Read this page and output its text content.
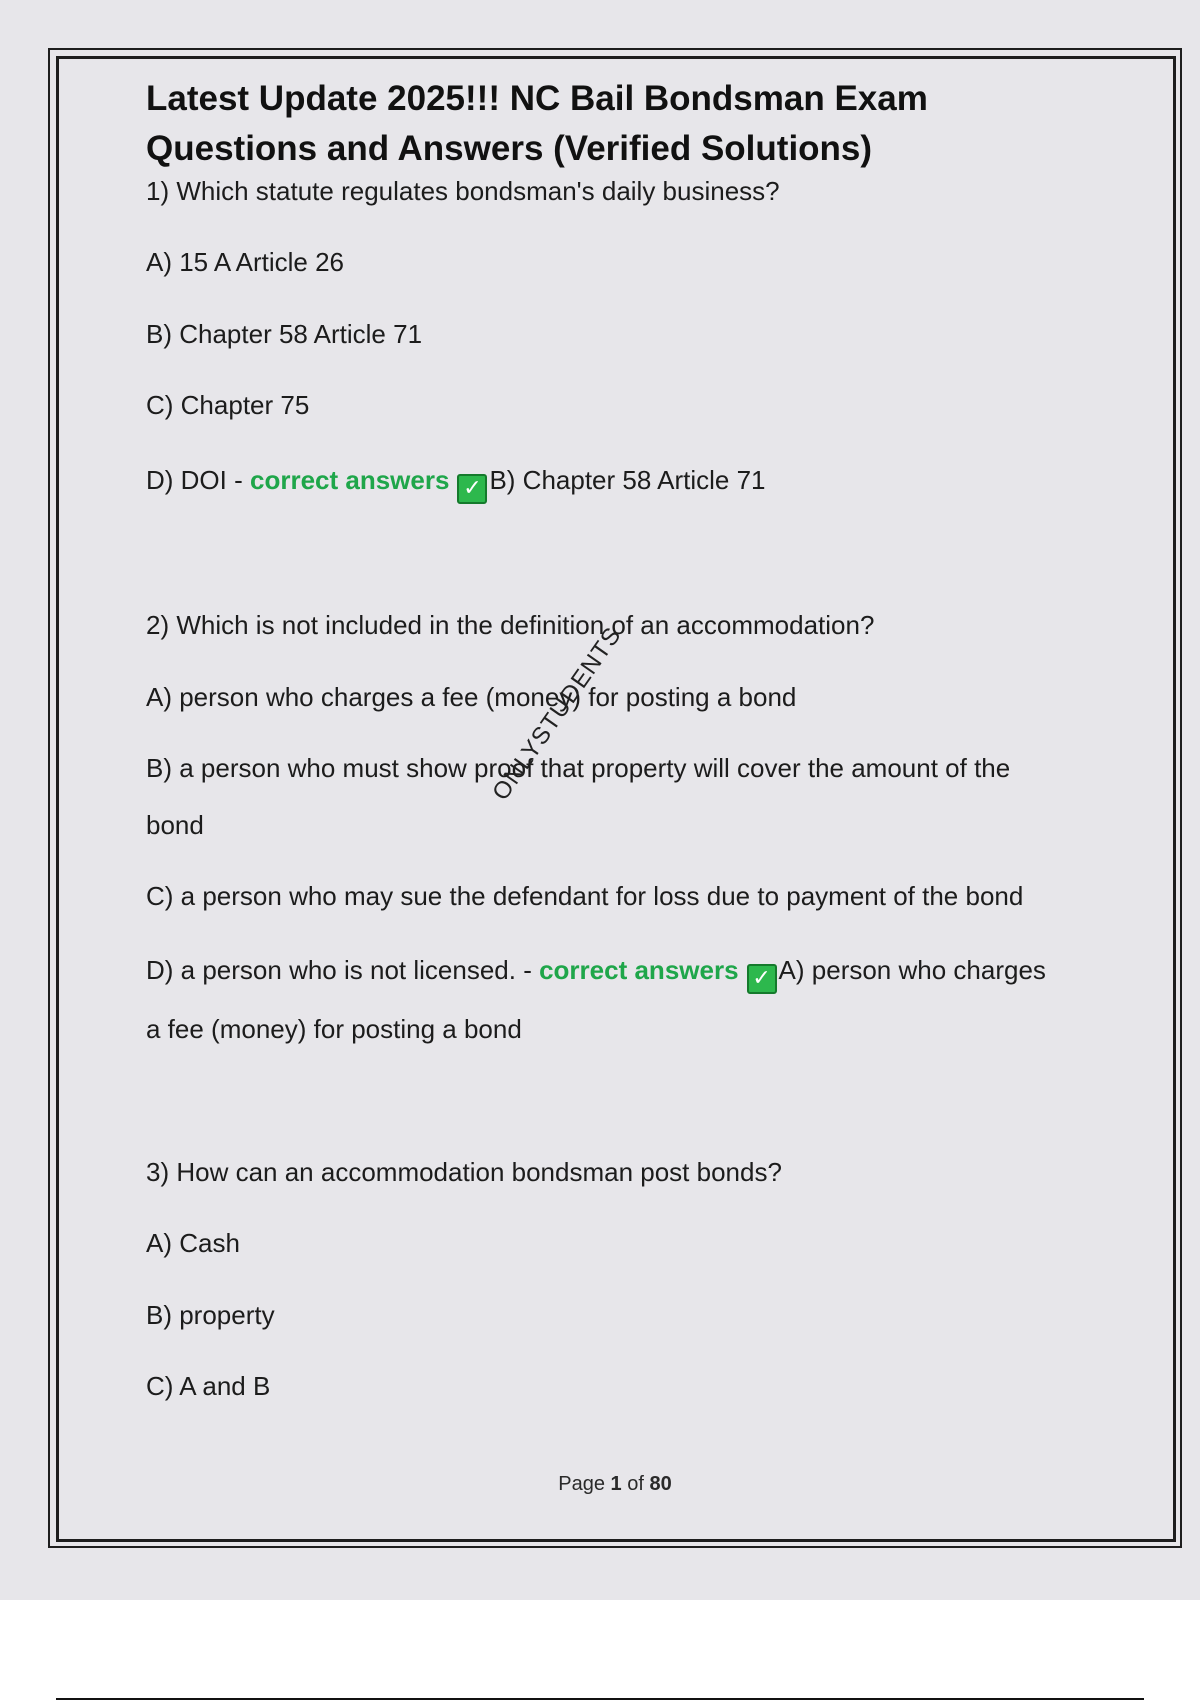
Latest Update 2025!!! NC Bail Bondsman Exam Questions and Answers (Verified Solutions)
1) Which statute regulates bondsman's daily business?
A) 15 A Article 26
B) Chapter 58 Article 71
C) Chapter 75
D) DOI - correct answers ✓ B) Chapter 58 Article 71
2) Which is not included in the definition of an accommodation?
A) person who charges a fee (money) for posting a bond
B) a person who must show proof that property will cover the amount of the
bond
C) a person who may sue the defendant for loss due to payment of the bond
D) a person who is not licensed. - correct answers ✓ A) person who charges
a fee (money) for posting a bond
3) How can an accommodation bondsman post bonds?
A) Cash
B) property
C) A and B
ONLYSTUDENTS
Page 1 of 80
